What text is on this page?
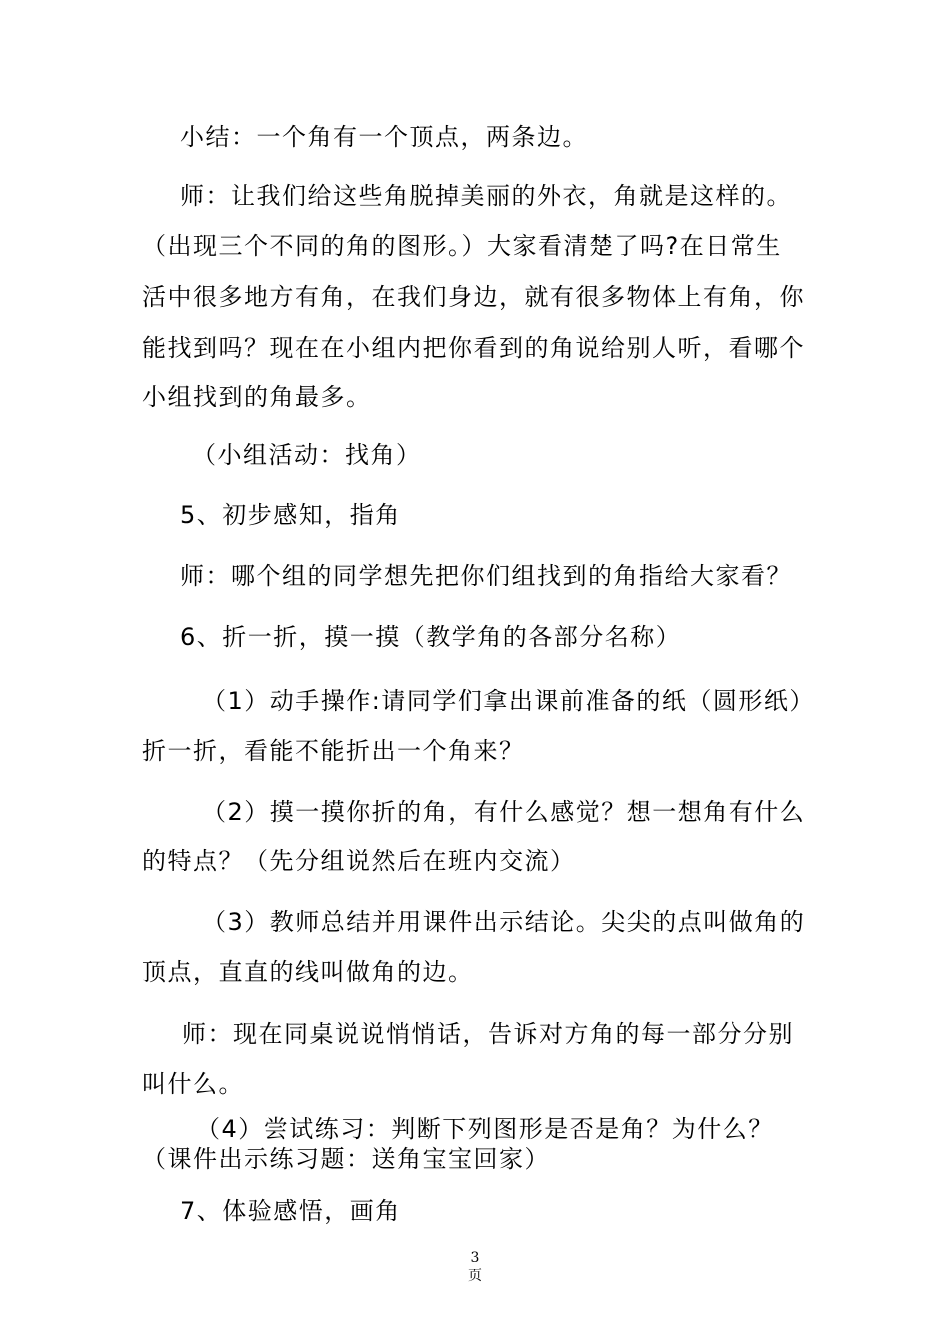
小结：一个角有一个顶点，两条边。

师：让我们给这些角脱掉美丽的外衣，角就是这样的。

（出现三个不同的角的图形。）大家看清楚了吗?在日常生

活中很多地方有角，在我们身边，就有很多物体上有角，你

能找到吗？现在在小组内把你看到的角说给别人听，看哪个

小组找到的角最多。

（小组活动：找角）

5、初步感知，指角

师：哪个组的同学想先把你们组找到的角指给大家看？

6、折一折，摸一摸（教学角的各部分名称）

（1）动手操作:请同学们拿出课前准备的纸（圆形纸）

折一折，看能不能折出一个角来？

（2）摸一摸你折的角，有什么感觉？想一想角有什么

的特点？（先分组说然后在班内交流）

（3）教师总结并用课件出示结论。尖尖的点叫做角的

顶点，直直的线叫做角的边。

师：现在同桌说说悄悄话，告诉对方角的每一部分分别

叫什么。

（4）尝试练习：判断下列图形是否是角？为什么？

（课件出示练习题：送角宝宝回家）

7、体验感悟，画角

3
页
